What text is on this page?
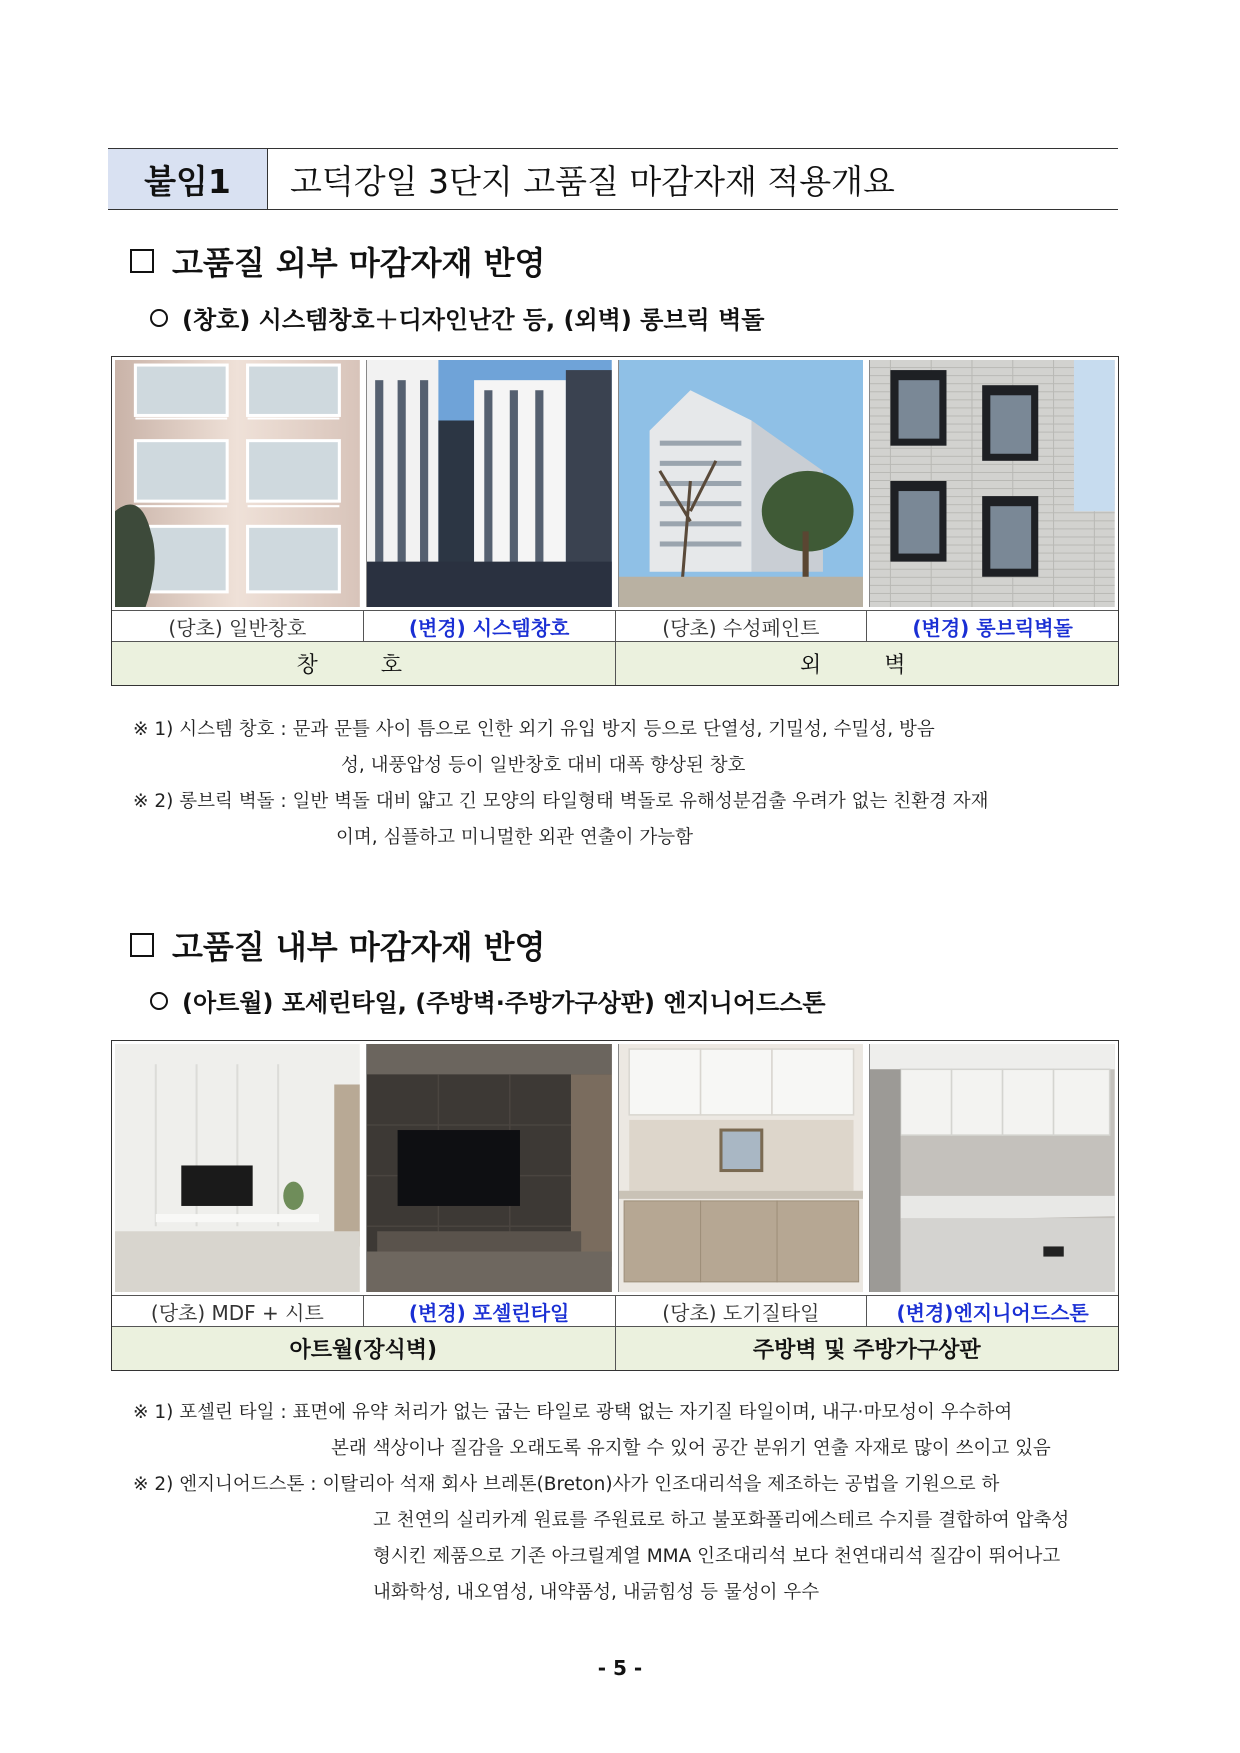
붙임1	고덕강일 3단지 고품질 마감자재 적용개요
고품질 외부 마감자재 반영
(창호) 시스템창호＋디자인난간 등, (외벽) 롱브릭 벽돌
(당초) 일반창호	(변경) 시스템창호	(당초) 수성페인트	(변경) 롱브릭벽돌
창 호	외 벽
※ 1) 시스템 창호 : 문과 문틀 사이 틈으로 인한 외기 유입 방지 등으로 단열성, 기밀성, 수밀성, 방음
성, 내풍압성 등이 일반창호 대비 대폭 향상된 창호
※ 2) 롱브릭 벽돌 : 일반 벽돌 대비 얇고 긴 모양의 타일형태 벽돌로 유해성분검출 우려가 없는 친환경 자재
이며, 심플하고 미니멀한 외관 연출이 가능함
고품질 내부 마감자재 반영
(아트월) 포세린타일, (주방벽·주방가구상판) 엔지니어드스톤
(당초) MDF + 시트	(변경) 포셀린타일	(당초) 도기질타일	(변경)엔지니어드스톤
아트월(장식벽)	주방벽 및 주방가구상판
※ 1) 포셀린 타일 : 표면에 유약 처리가 없는 굽는 타일로 광택 없는 자기질 타일이며, 내구·마모성이 우수하여
본래 색상이나 질감을 오래도록 유지할 수 있어 공간 분위기 연출 자재로 많이 쓰이고 있음
※ 2) 엔지니어드스톤 : 이탈리아 석재 회사 브레톤(Breton)사가 인조대리석을 제조하는 공법을 기원으로 하
고 천연의 실리카계 원료를 주원료로 하고 불포화폴리에스테르 수지를 결합하여 압축성
형시킨 제품으로 기존 아크릴계열 MMA 인조대리석 보다 천연대리석 질감이 뛰어나고
내화학성, 내오염성, 내약품성, 내긁힘성 등 물성이 우수
- 5 -
